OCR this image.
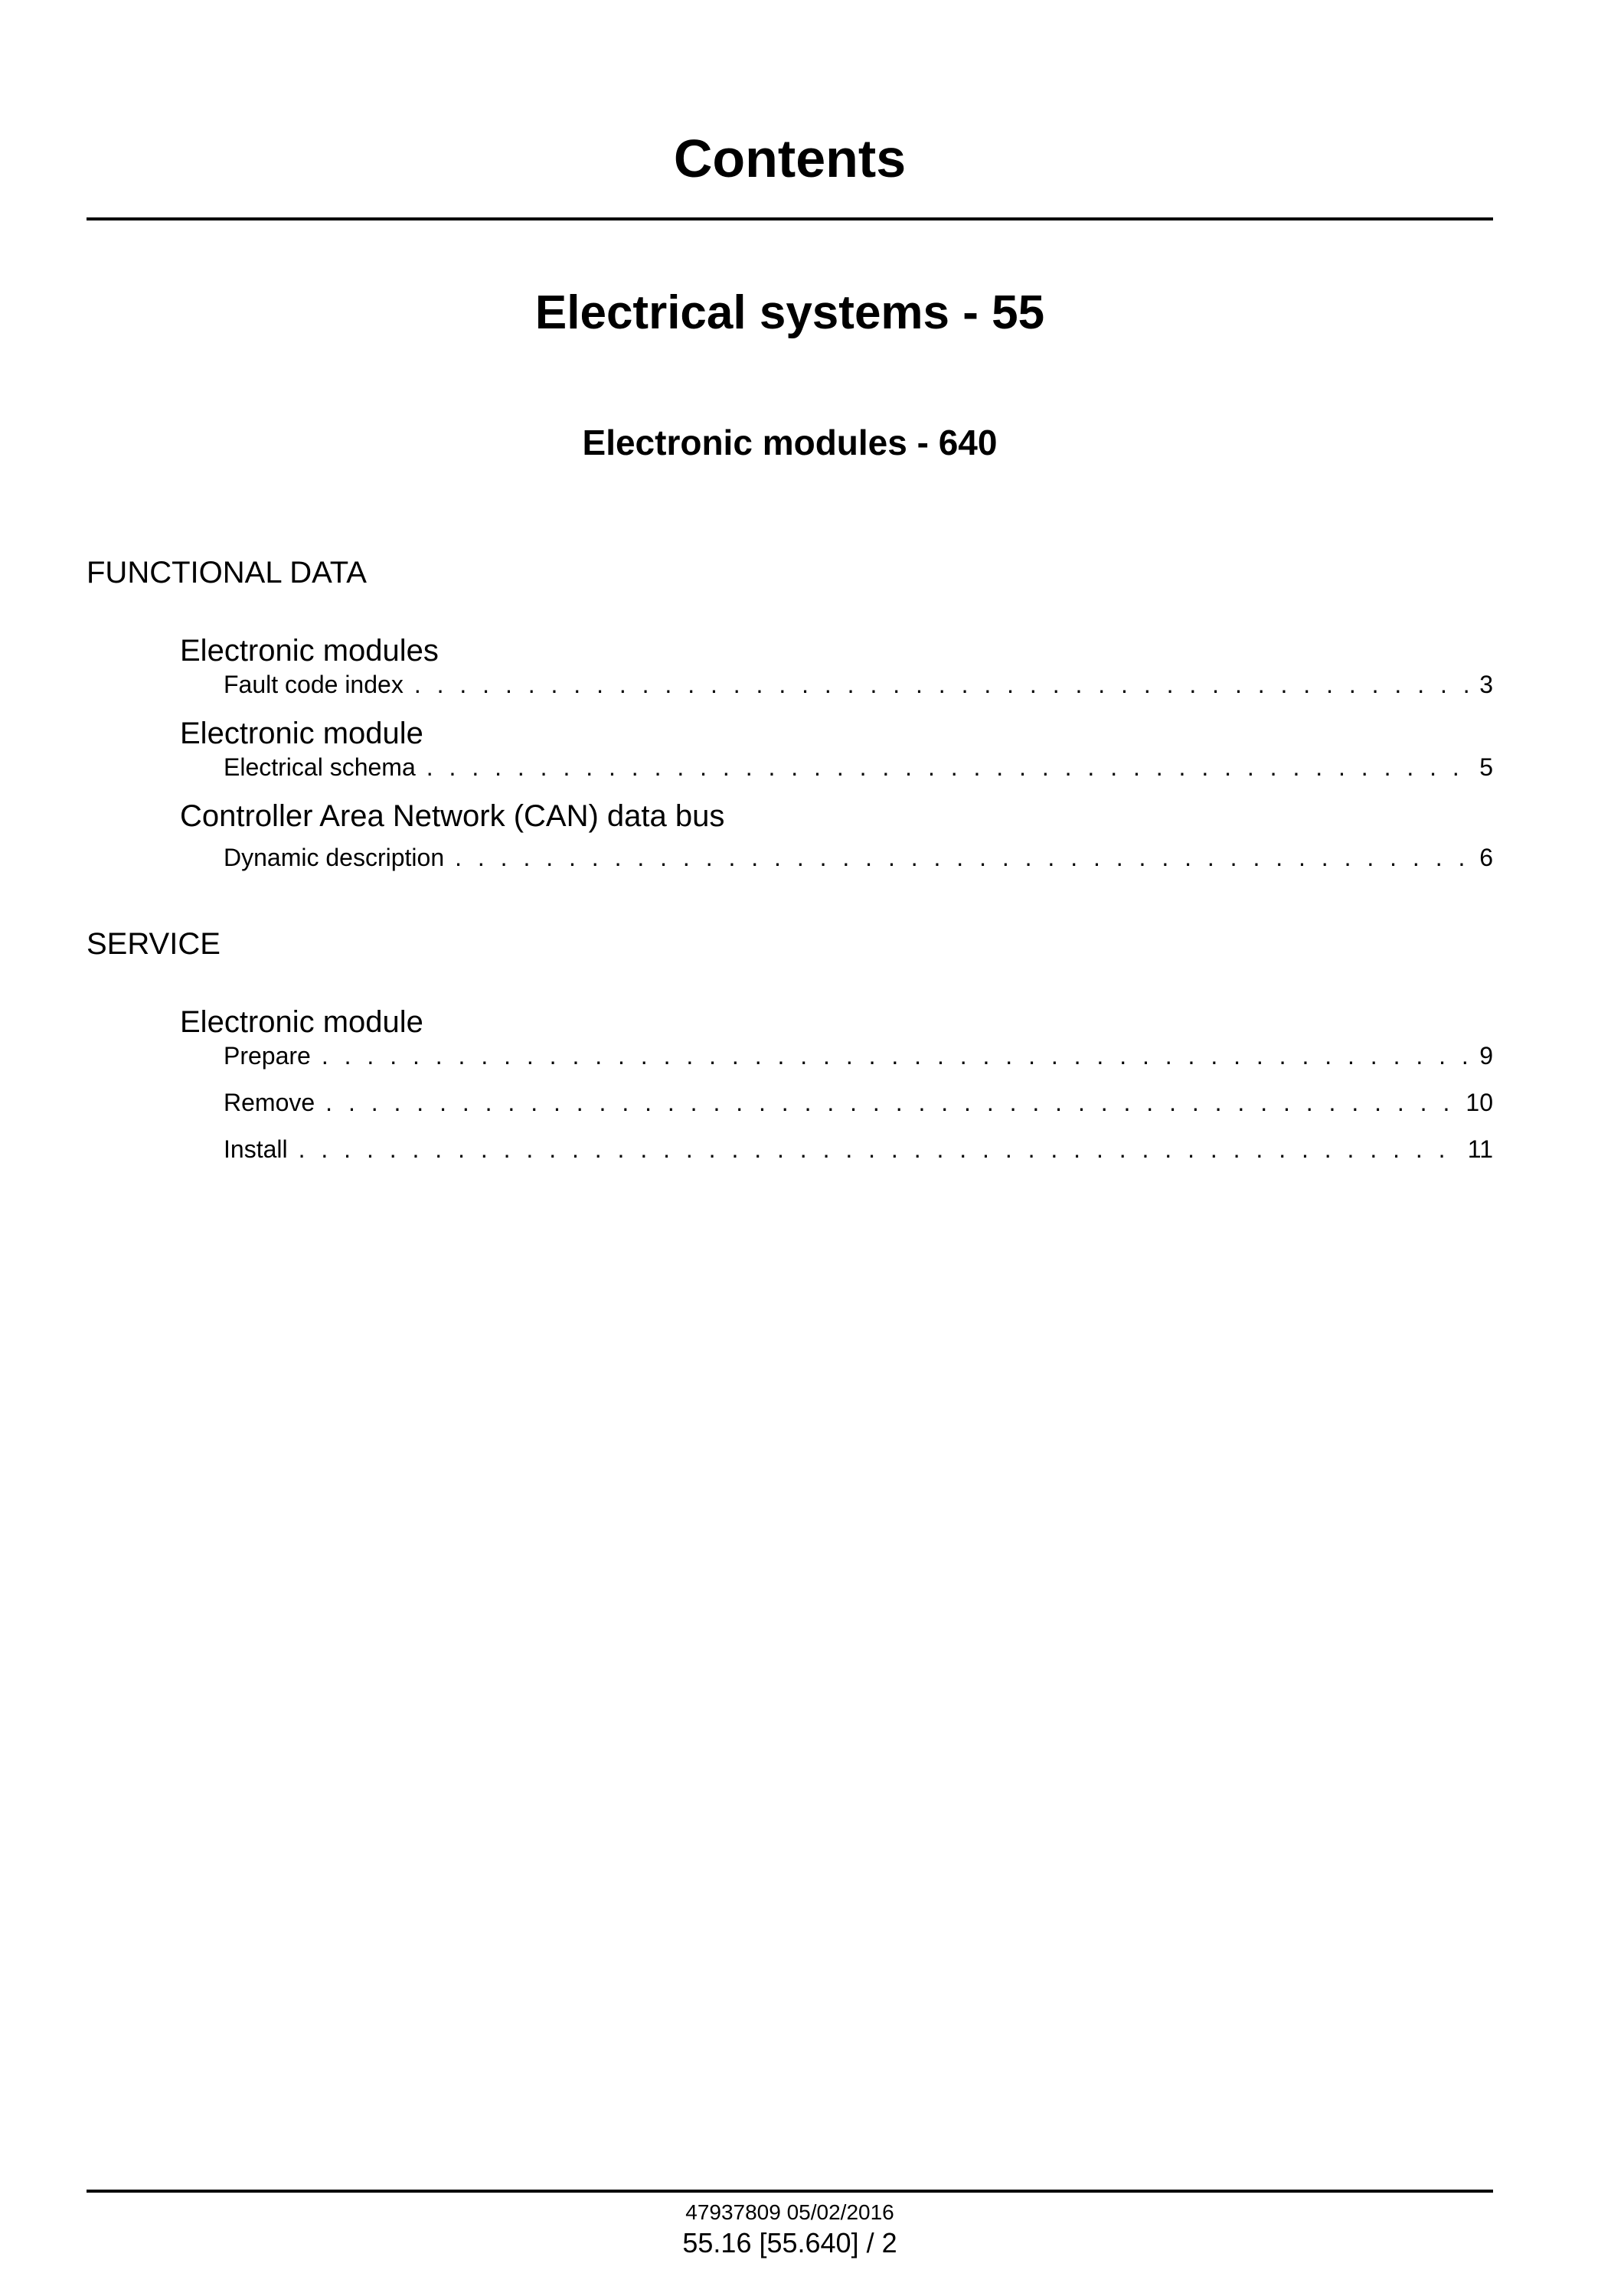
Contents
Electrical systems - 55
Electronic modules - 640
FUNCTIONAL DATA
Electronic modules
Fault code index . . .	3
Electronic module
Electrical schema . . .	5
Controller Area Network (CAN) data bus
Dynamic description . . .	6
SERVICE
Electronic module
Prepare . . .	9
Remove . . .	10
Install . . .	11
47937809 05/02/2016
55.16 [55.640] / 2
